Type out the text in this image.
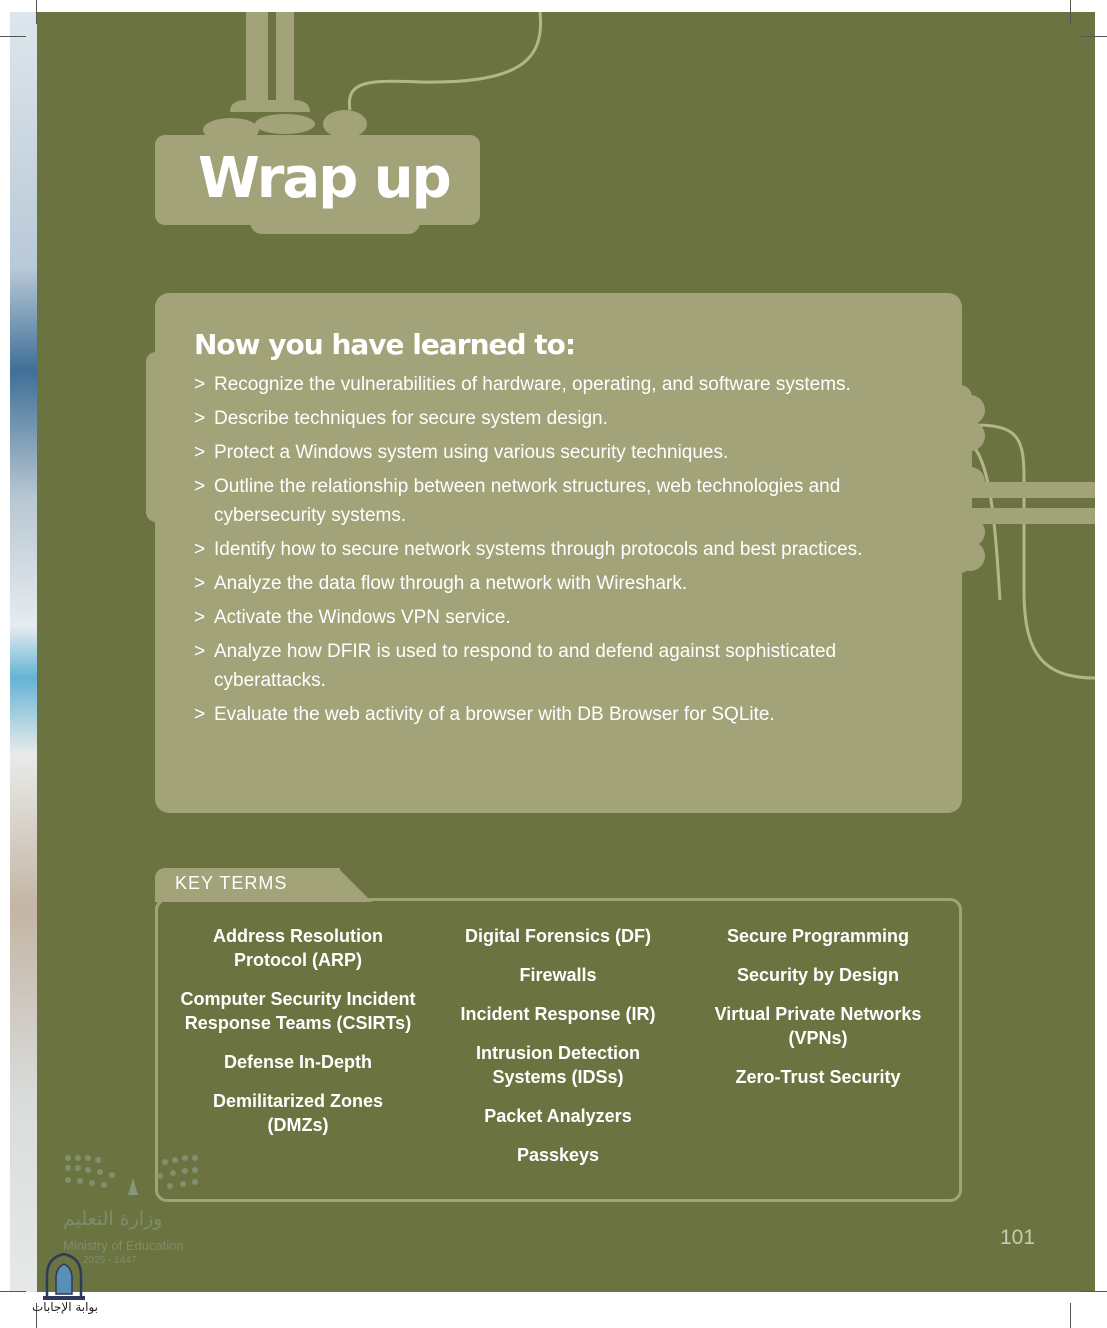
Wrap up
Now you have learned to:
> Recognize the vulnerabilities of hardware, operating, and software systems.
> Describe techniques for secure system design.
> Protect a Windows system using various security techniques.
> Outline the relationship between network structures, web technologies and cybersecurity systems.
> Identify how to secure network systems through protocols and best practices.
> Analyze the data flow through a network with Wireshark.
> Activate the Windows VPN service.
> Analyze how DFIR is used to respond to and defend against sophisticated cyberattacks.
> Evaluate the web activity of a browser with DB Browser for SQLite.

KEY TERMS

Address Resolution Protocol (ARP)
Computer Security Incident Response Teams (CSIRTs)
Defense In-Depth
Demilitarized Zones (DMZs)
Digital Forensics (DF)
Firewalls
Incident Response (IR)
Intrusion Detection Systems (IDSs)
Packet Analyzers
Passkeys
Secure Programming
Security by Design
Virtual Private Networks (VPNs)
Zero-Trust Security
وزارة التعليم
Ministry of Education
2025 - 1447
بوابة الإجابات

101
